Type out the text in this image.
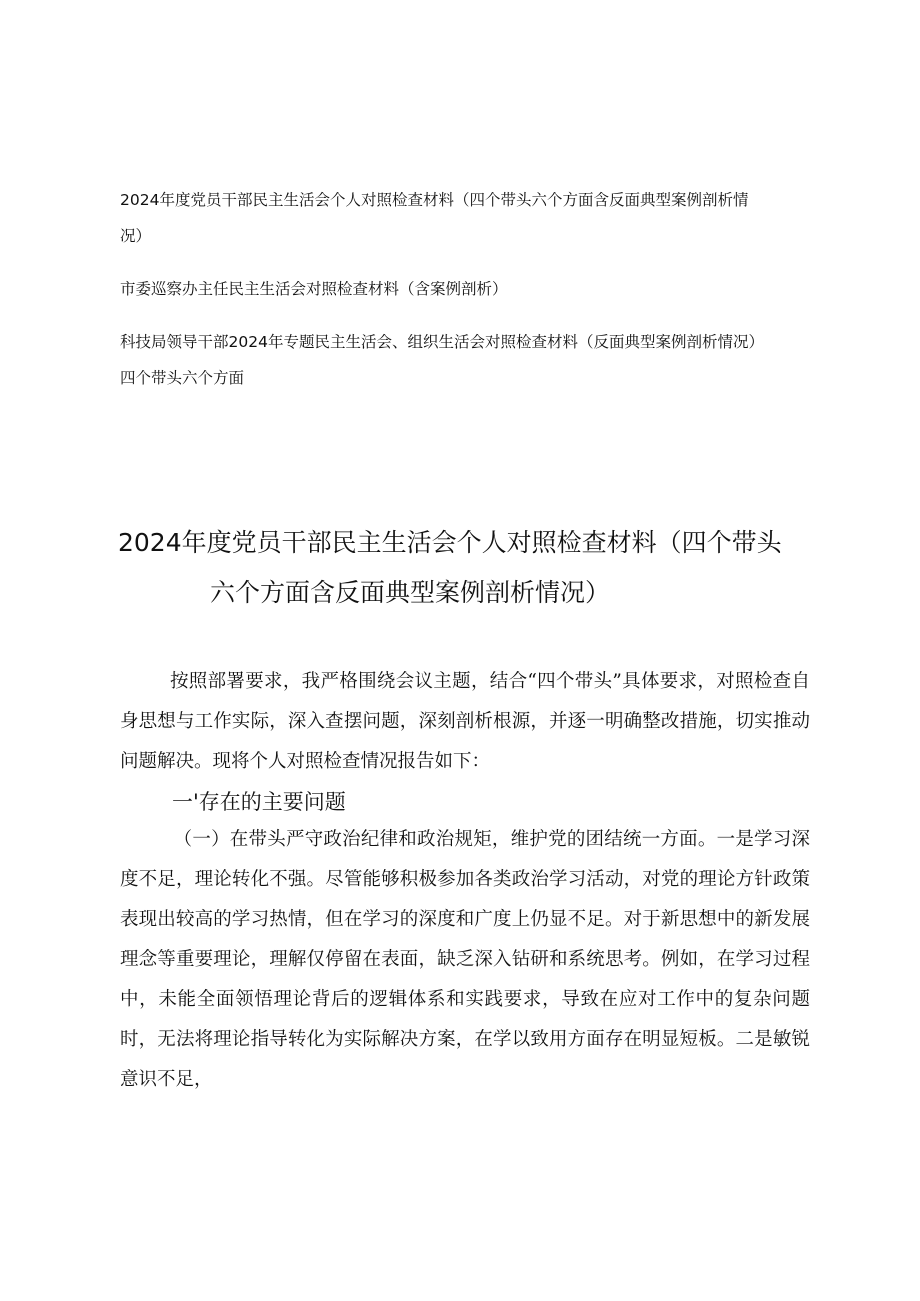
2024年度党员干部民主生活会个人对照检查材料（四个带头六个方面含反面典型案例剖析情况）
市委巡察办主任民主生活会对照检查材料（含案例剖析）
科技局领导干部2024年专题民主生活会、组织生活会对照检查材料（反面典型案例剖析情况）四个带头六个方面
2024年度党员干部民主生活会个人对照检查材料（四个带头
六个方面含反面典型案例剖析情况）

按照部署要求，我严格围绕会议主题，结合“四个带头”具体要求，对照检查自身思想与工作实际，深入查摆问题，深刻剖析根源，并逐一明确整改措施，切实推动问题解决。现将个人对照检查情况报告如下：

一'存在的主要问题

（一）在带头严守政治纪律和政治规矩，维护党的团结统一方面。一是学习深度不足，理论转化不强。尽管能够积极参加各类政治学习活动，对党的理论方针政策表现出较高的学习热情，但在学习的深度和广度上仍显不足。对于新思想中的新发展理念等重要理论，理解仅停留在表面，缺乏深入钻研和系统思考。例如，在学习过程中，未能全面领悟理论背后的逻辑体系和实践要求，导致在应对工作中的复杂问题时，无法将理论指导转化为实际解决方案，在学以致用方面存在明显短板。二是敏锐意识不足，
